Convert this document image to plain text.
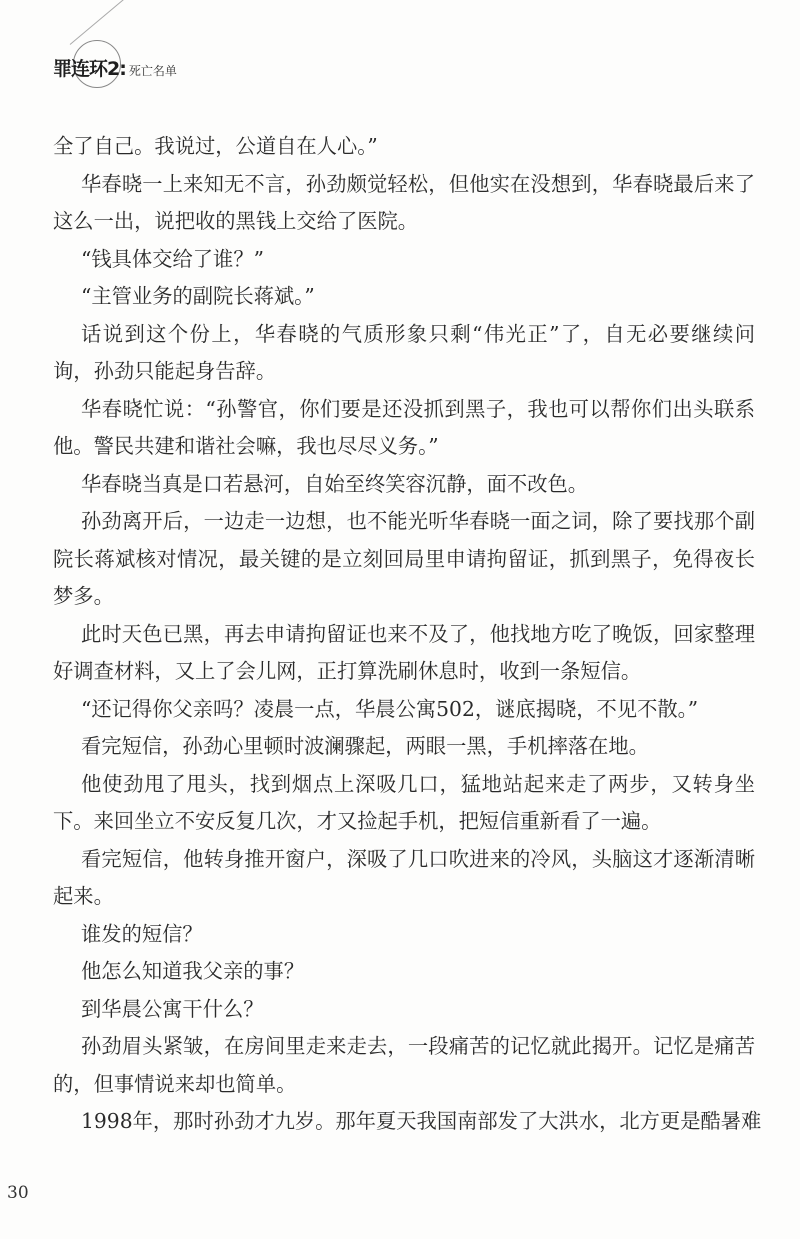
罪连环2: 死亡名单
全了自己。我说过，公道自在人心。”
华春晓一上来知无不言，孙劲颇觉轻松，但他实在没想到，华春晓最后来了
这么一出，说把收的黑钱上交给了医院。
“钱具体交给了谁？”
“主管业务的副院长蒋斌。”
话说到这个份上，华春晓的气质形象只剩“伟光正”了，自无必要继续问
询，孙劲只能起身告辞。
华春晓忙说：“孙警官，你们要是还没抓到黑子，我也可以帮你们出头联系
他。警民共建和谐社会嘛，我也尽尽义务。”
华春晓当真是口若悬河，自始至终笑容沉静，面不改色。
孙劲离开后，一边走一边想，也不能光听华春晓一面之词，除了要找那个副
院长蒋斌核对情况，最关键的是立刻回局里申请拘留证，抓到黑子，免得夜长
梦多。
此时天色已黑，再去申请拘留证也来不及了，他找地方吃了晚饭，回家整理
好调查材料，又上了会儿网，正打算洗刷休息时，收到一条短信。
“还记得你父亲吗？凌晨一点，华晨公寓502，谜底揭晓，不见不散。”
看完短信，孙劲心里顿时波澜骤起，两眼一黑，手机摔落在地。
他使劲甩了甩头，找到烟点上深吸几口，猛地站起来走了两步，又转身坐
下。来回坐立不安反复几次，才又捡起手机，把短信重新看了一遍。
看完短信，他转身推开窗户，深吸了几口吹进来的冷风，头脑这才逐渐清晰
起来。
谁发的短信？
他怎么知道我父亲的事？
到华晨公寓干什么？
孙劲眉头紧皱，在房间里走来走去，一段痛苦的记忆就此揭开。记忆是痛苦
的，但事情说来却也简单。
1998年，那时孙劲才九岁。那年夏天我国南部发了大洪水，北方更是酷暑难
30
